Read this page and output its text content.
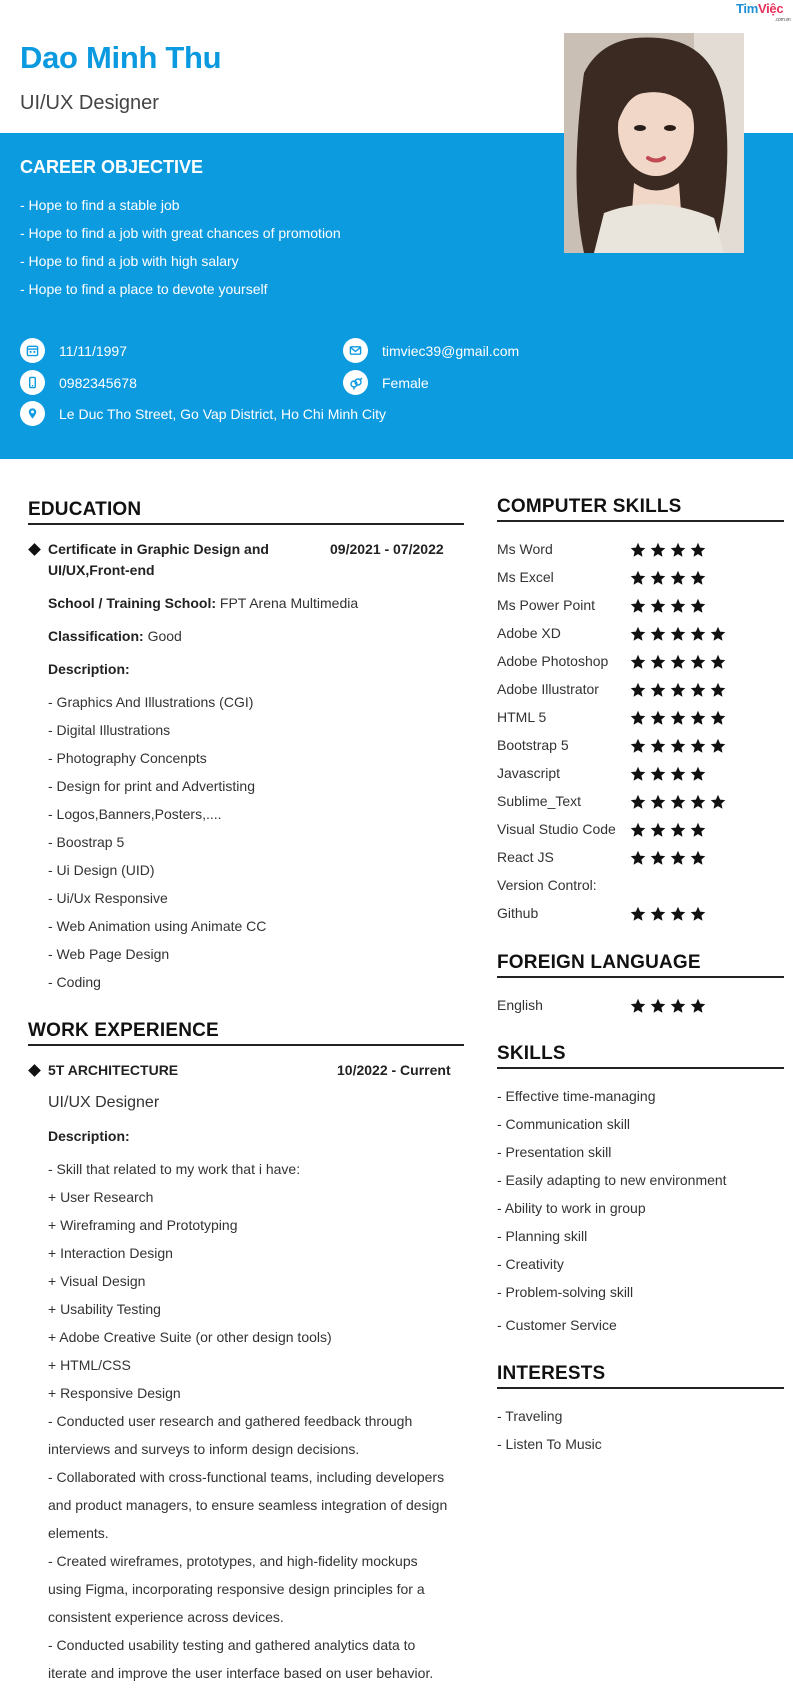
TimViệc
.com.vn
Dao Minh Thu
UI/UX Designer
CAREER OBJECTIVE
- Hope to find a stable job
- Hope to find a job with great chances of promotion
- Hope to find a job with high salary
- Hope to find a place to devote yourself
11/11/1997	timviec39@gmail.com
0982345678	Female
Le Duc Tho Street, Go Vap District, Ho Chi Minh City
EDUCATION
Certificate in Graphic Design and
UI/UX,Front-end
09/2021 - 07/2022
School / Training School: FPT Arena Multimedia
Classification: Good
Description:
- Graphics And Illustrations (CGI)
- Digital Illustrations
- Photography Concenpts
- Design for print and Advertisting
- Logos,Banners,Posters,....
- Boostrap 5
- Ui Design (UID)
- Ui/Ux Responsive
- Web Animation using Animate CC
- Web Page Design
- Coding
WORK EXPERIENCE
5T ARCHITECTURE	10/2022 - Current
UI/UX Designer
Description:
- Skill that related to my work that i have:
+ User Research
+ Wireframing and Prototyping
+ Interaction Design
+ Visual Design
+ Usability Testing
+ Adobe Creative Suite (or other design tools)
+ HTML/CSS
+ Responsive Design
- Conducted user research and gathered feedback through
interviews and surveys to inform design decisions.
- Collaborated with cross-functional teams, including developers
and product managers, to ensure seamless integration of design
elements.
- Created wireframes, prototypes, and high-fidelity mockups
using Figma, incorporating responsive design principles for a
consistent experience across devices.
- Conducted usability testing and gathered analytics data to
iterate and improve the user interface based on user behavior.
COMPUTER SKILLS
Ms Word
Ms Excel
Ms Power Point
Adobe XD
Adobe Photoshop
Adobe Illustrator
HTML 5
Bootstrap 5
Javascript
Sublime_Text
Visual Studio Code
React JS
Version Control:
Github
FOREIGN LANGUAGE
English
SKILLS
- Effective time-managing
- Communication skill
- Presentation skill
- Easily adapting to new environment
- Ability to work in group
- Planning skill
- Creativity
- Problem-solving skill
- Customer Service
INTERESTS
- Traveling
- Listen To Music
